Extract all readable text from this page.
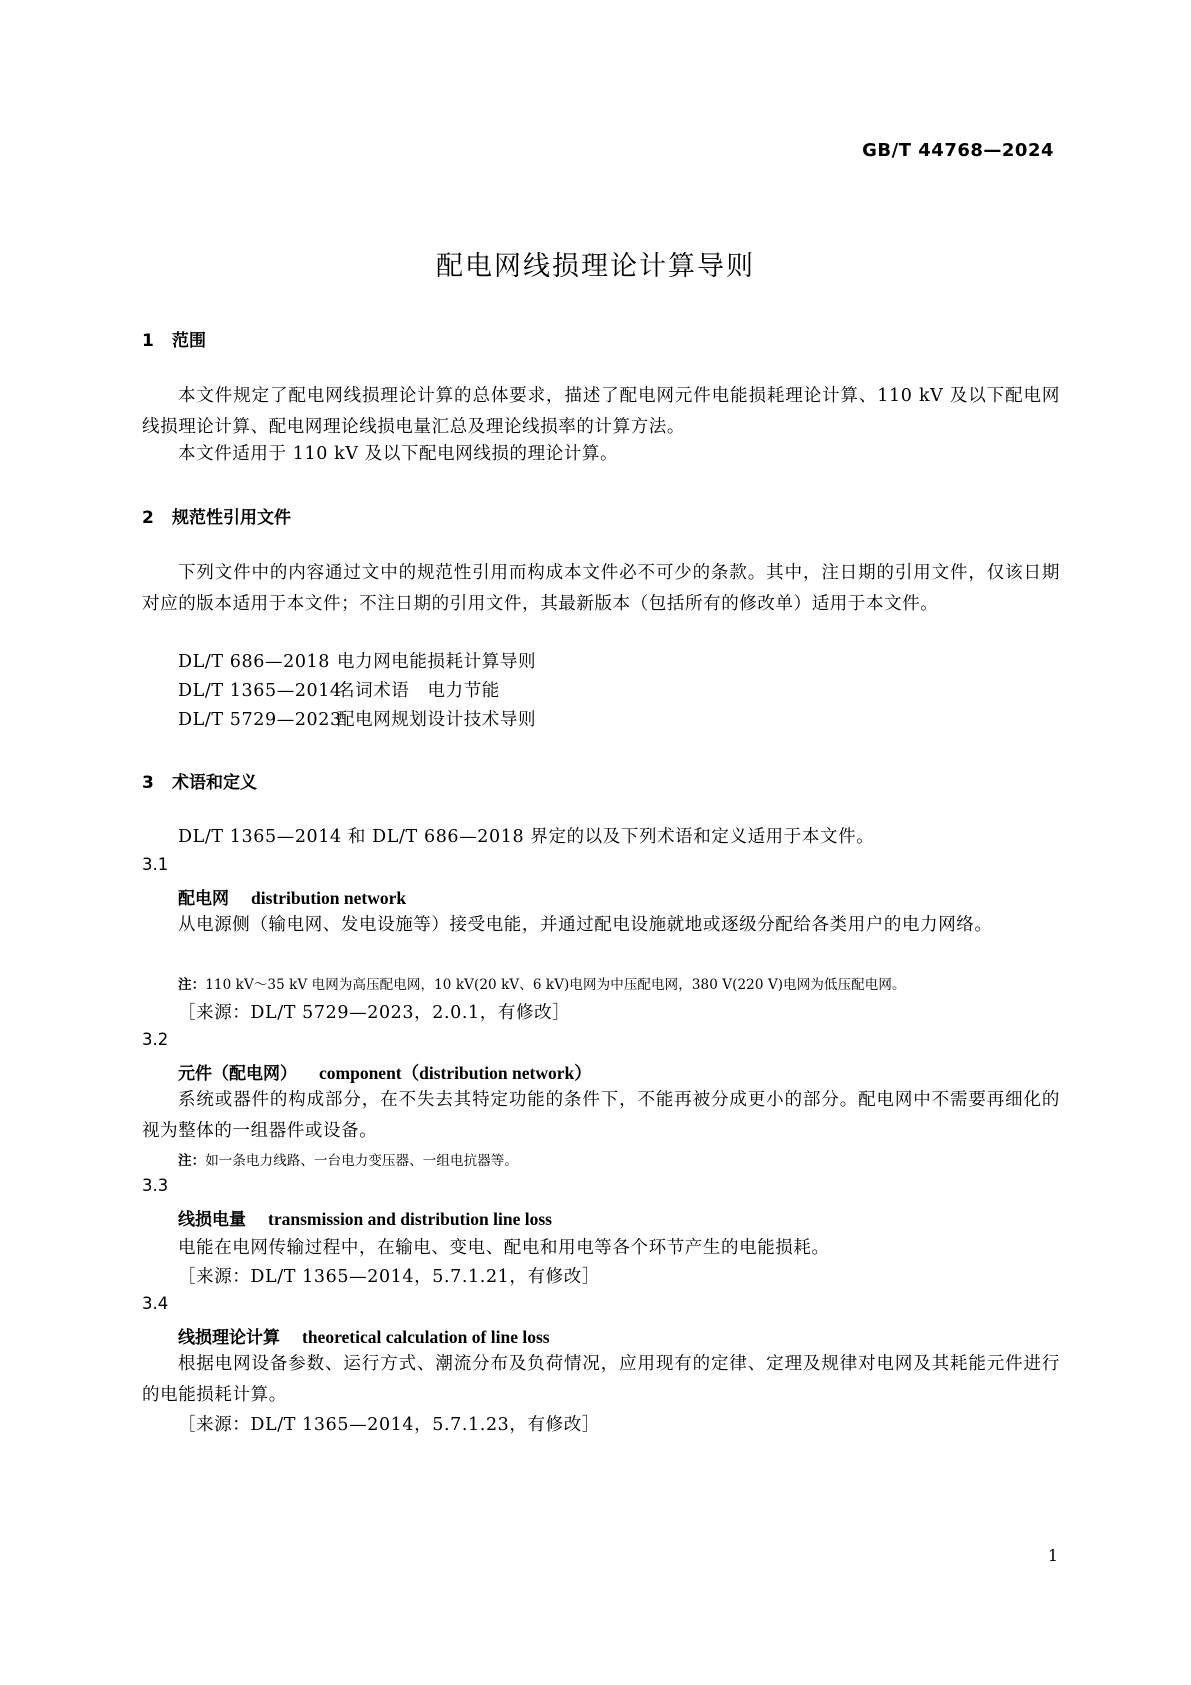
GB/T 44768—2024
配电网线损理论计算导则
1 范围
本文件规定了配电网线损理论计算的总体要求，描述了配电网元件电能损耗理论计算、110 kV 及以下配电网线损理论计算、配电网理论线损电量汇总及理论线损率的计算方法。
本文件适用于 110 kV 及以下配电网线损的理论计算。
2 规范性引用文件
下列文件中的内容通过文中的规范性引用而构成本文件必不可少的条款。其中，注日期的引用文件，仅该日期对应的版本适用于本文件；不注日期的引用文件，其最新版本（包括所有的修改单）适用于本文件。
DL/T 686—2018 电力网电能损耗计算导则
DL/T 1365—2014名词术语　电力节能
DL/T 5729—2023配电网规划设计技术导则
3 术语和定义
DL/T 1365—2014 和 DL/T 686—2018 界定的以及下列术语和定义适用于本文件。
3.1
配电网 distribution network
从电源侧（输电网、发电设施等）接受电能，并通过配电设施就地或逐级分配给各类用户的电力网络。
注：110 kV～35 kV 电网为高压配电网，10 kV(20 kV、6 kV)电网为中压配电网，380 V(220 V)电网为低压配电网。
［来源：DL/T 5729—2023，2.0.1，有修改］
3.2
元件（配电网） component（distribution network）
系统或器件的构成部分，在不失去其特定功能的条件下，不能再被分成更小的部分。配电网中不需要再细化的视为整体的一组器件或设备。
注：如一条电力线路、一台电力变压器、一组电抗器等。
3.3
线损电量 transmission and distribution line loss
电能在电网传输过程中，在输电、变电、配电和用电等各个环节产生的电能损耗。
［来源：DL/T 1365—2014，5.7.1.21，有修改］
3.4
线损理论计算 theoretical calculation of line loss
根据电网设备参数、运行方式、潮流分布及负荷情况，应用现有的定律、定理及规律对电网及其耗能元件进行的电能损耗计算。
［来源：DL/T 1365—2014，5.7.1.23，有修改］
1
